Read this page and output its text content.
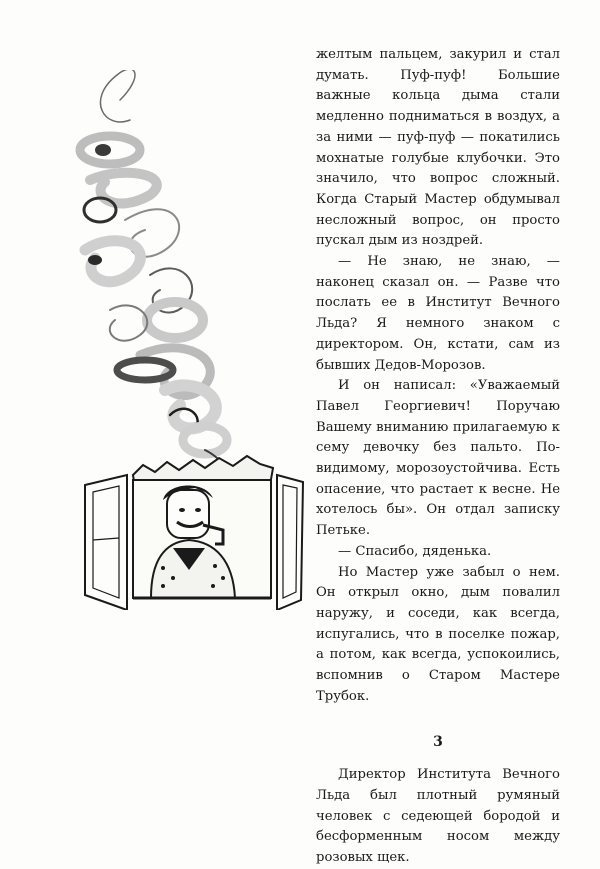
желтым пальцем, закурил и стал думать. Пуф-пуф! Большие важные кольца дыма стали медленно подниматься в воздух, а за ними — пуф-пуф — покатились мохнатые голубые клубочки. Это значило, что вопрос сложный. Когда Старый Мастер обдумывал несложный вопрос, он просто пускал дым из ноздрей.

— Не знаю, не знаю, — наконец сказал он. — Разве что послать ее в Институт Вечного Льда? Я немного знаком с директором. Он, кстати, сам из бывших Дедов-Морозов.

И он написал: «Уважаемый Павел Георгиевич! Поручаю Вашему вниманию прилагаемую к сему девочку без пальто. По-видимому, морозоустойчива. Есть опасение, что растает к весне. Не хотелось бы». Он отдал записку Петьке.

— Спасибо, дяденька.

Но Мастер уже забыл о нем. Он открыл окно, дым повалил наружу, и соседи, как всегда, испугались, что в поселке пожар, а потом, как всегда, успокоились, вспомнив о Старом Мастере Трубок.

3

Директор Института Вечного Льда был плотный румяный человек с седеющей бородой и бесформенным носом между розовых щек.
